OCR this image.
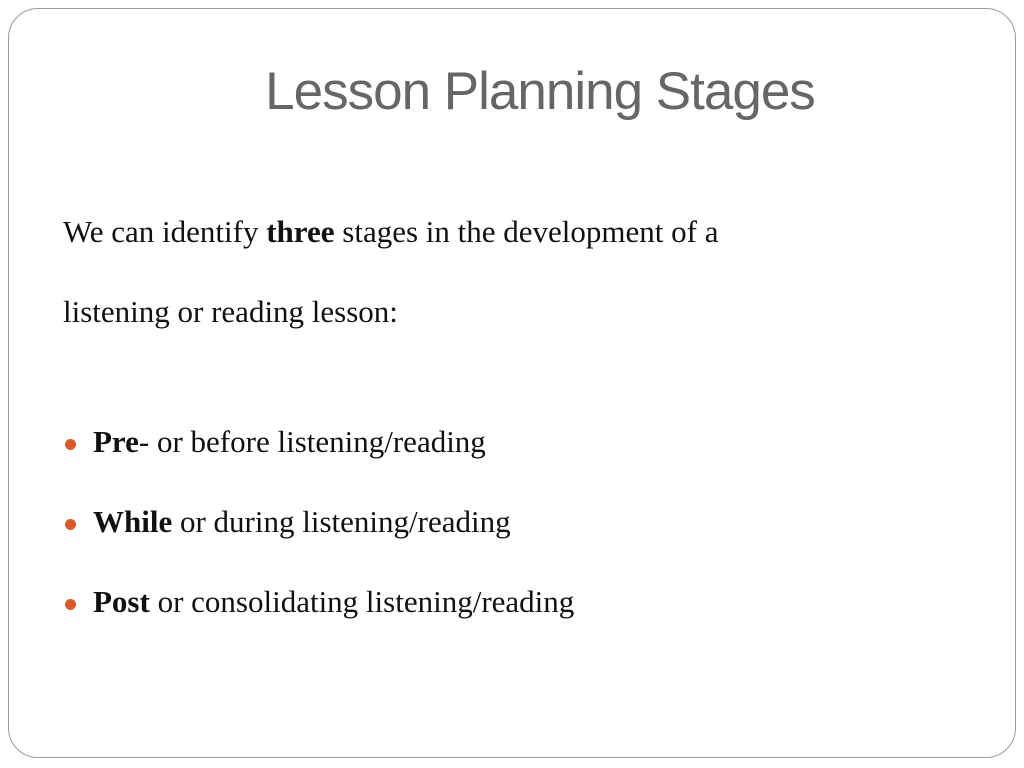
Lesson Planning Stages
We can identify three stages in the development of a
listening or reading lesson:
Pre- or before listening/reading
While or during listening/reading
Post or consolidating listening/reading
